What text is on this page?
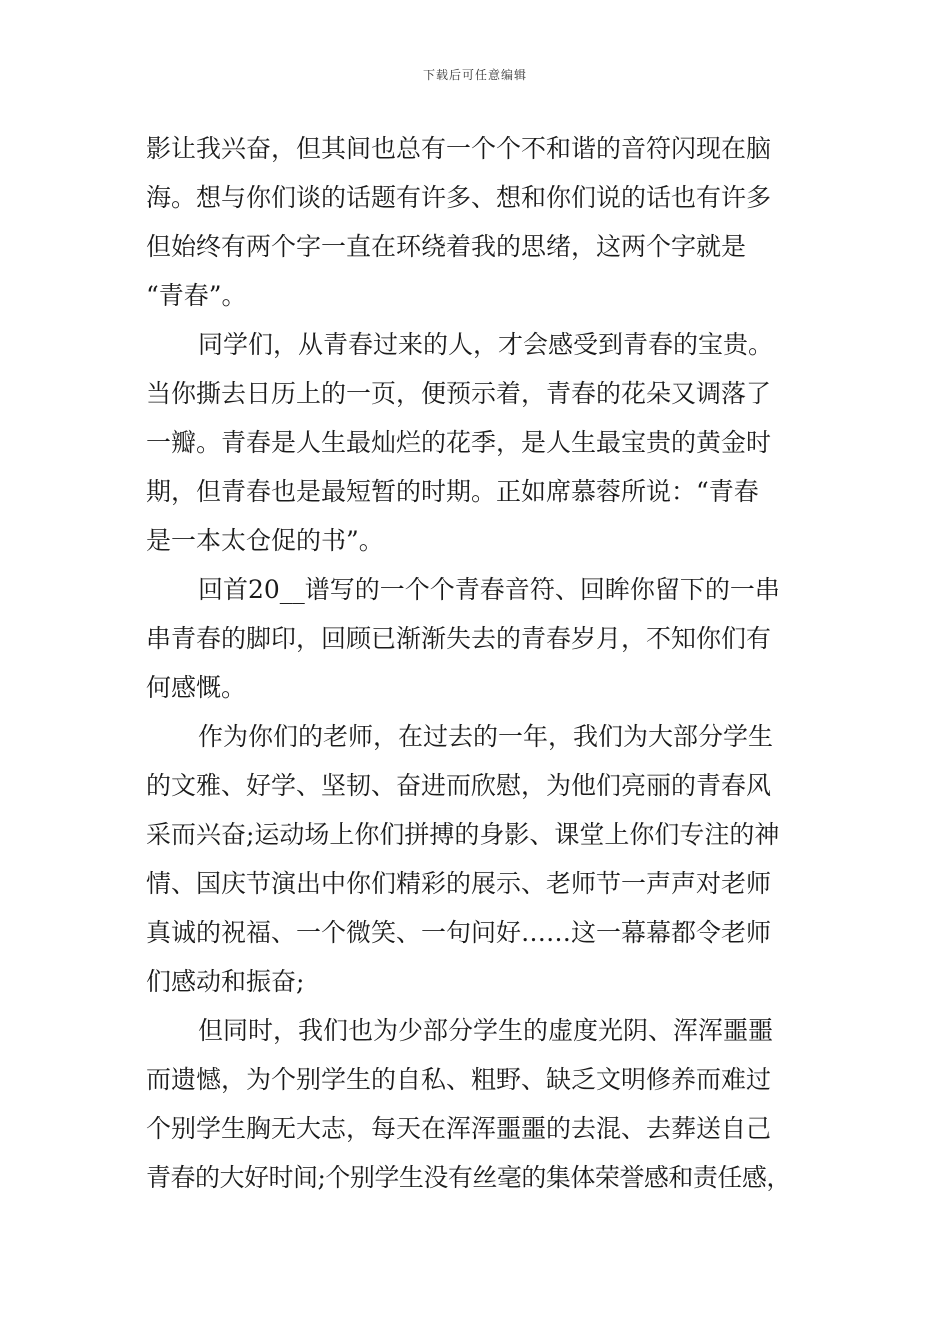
下载后可任意编辑
影让我兴奋，但其间也总有一个个不和谐的音符闪现在脑
海。想与你们谈的话题有许多、想和你们说的话也有许多
但始终有两个字一直在环绕着我的思绪，这两个字就是
“青春”。
同学们，从青春过来的人，才会感受到青春的宝贵。
当你撕去日历上的一页，便预示着，青春的花朵又调落了
一瓣。青春是人生最灿烂的花季，是人生最宝贵的黄金时
期，但青春也是最短暂的时期。正如席慕蓉所说：“青春
是一本太仓促的书”。
回首20__谱写的一个个青春音符、回眸你留下的一串
串青春的脚印，回顾已渐渐失去的青春岁月，不知你们有
何感慨。
作为你们的老师，在过去的一年，我们为大部分学生
的文雅、好学、坚韧、奋进而欣慰，为他们亮丽的青春风
采而兴奋;运动场上你们拼搏的身影、课堂上你们专注的神
情、国庆节演出中你们精彩的展示、老师节一声声对老师
真诚的祝福、一个微笑、一句问好……这一幕幕都令老师
们感动和振奋;
但同时，我们也为少部分学生的虚度光阴、浑浑噩噩
而遗憾，为个别学生的自私、粗野、缺乏文明修养而难过
个别学生胸无大志，每天在浑浑噩噩的去混、去葬送自己
青春的大好时间;个别学生没有丝毫的集体荣誉感和责任感，
